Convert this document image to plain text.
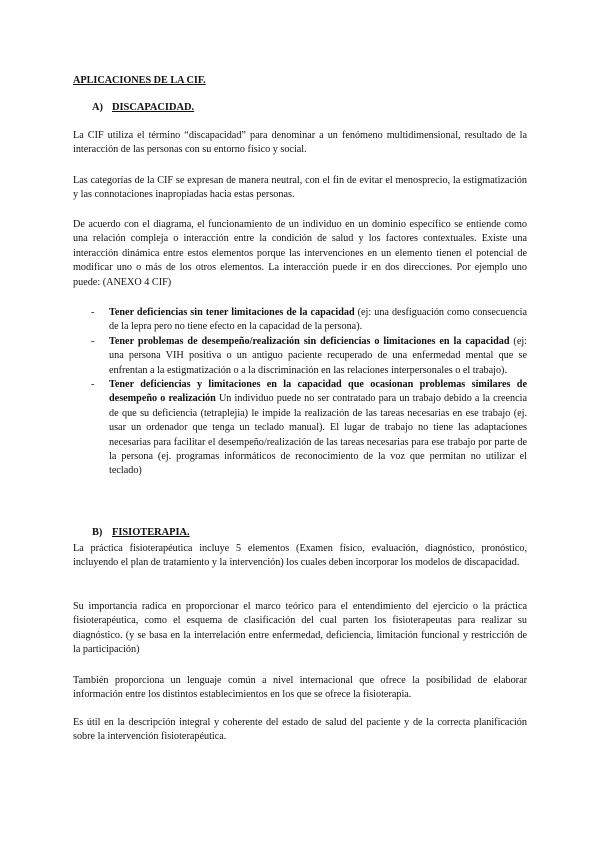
APLICACIONES DE LA CIF.
A) DISCAPACIDAD.

La CIF utiliza el término “discapacidad” para denominar a un fenómeno multidimensional, resultado de la interacción de las personas con su entorno físico y social.

Las categorías de la CIF se expresan de manera neutral, con el fin de evitar el menosprecio, la estigmatización y las connotaciones inapropiadas hacia estas personas.

De acuerdo con el diagrama, el funcionamiento de un individuo en un dominio específico se entiende como una relación compleja o interacción entre la condición de salud y los factores contextuales. Existe una interacción dinámica entre estos elementos porque las intervenciones en un elemento tienen el potencial de modificar uno o más de los otros elementos. La interacción puede ir en dos direcciones. Por ejemplo uno puede: (ANEXO 4 CIF)

- Tener deficiencias sin tener limitaciones de la capacidad (ej: una desfiguación como consecuencia de la lepra pero no tiene efecto en la capacidad de la persona).
- Tener problemas de desempeño/realización sin deficiencias o limitaciones en la capacidad (ej: una persona VIH positiva o un antiguo paciente recuperado de una enfermedad mental que se enfrentan a la estigmatización o a la discriminación en las relaciones interpersonales o el trabajo).
- Tener deficiencias y limitaciones en la capacidad que ocasionan problemas similares de desempeño o realización Un individuo puede no ser contratado para un trabajo debido a la creencia de que su deficiencia (tetraplejia) le impide la realización de las tareas necesarias en ese trabajo (ej. usar un ordenador que tenga un teclado manual). El lugar de trabajo no tiene las adaptaciones necesarias para facilitar el desempeño/realización de las tareas necesarias para ese trabajo por parte de la persona (ej. programas informáticos de reconocimiento de la voz que permitan no utilizar el teclado)
B) FISIOTERAPIA.

La práctica fisioterapéutica incluye 5 elementos (Examen físico, evaluación, diagnóstico, pronóstico, incluyendo el plan de tratamiento y la intervención) los cuales deben incorporar los modelos de discapacidad.

Su importancia radica en proporcionar el marco teórico para el entendimiento del ejercicio o la práctica fisioterapéutica, como el esquema de clasificación del cual parten los fisioterapeutas para realizar su diagnóstico. (y se basa en la interrelación entre enfermedad, deficiencia, limitación funcional y restricción de la participación)

También proporciona un lenguaje común a nivel internacional que ofrece la posibilidad de elaborar información entre los distintos establecimientos en los que se ofrece la fisioterapia.

Es útil en la descripción integral y coherente del estado de salud del paciente y de la correcta planificación sobre la intervención fisioterapéutica.
